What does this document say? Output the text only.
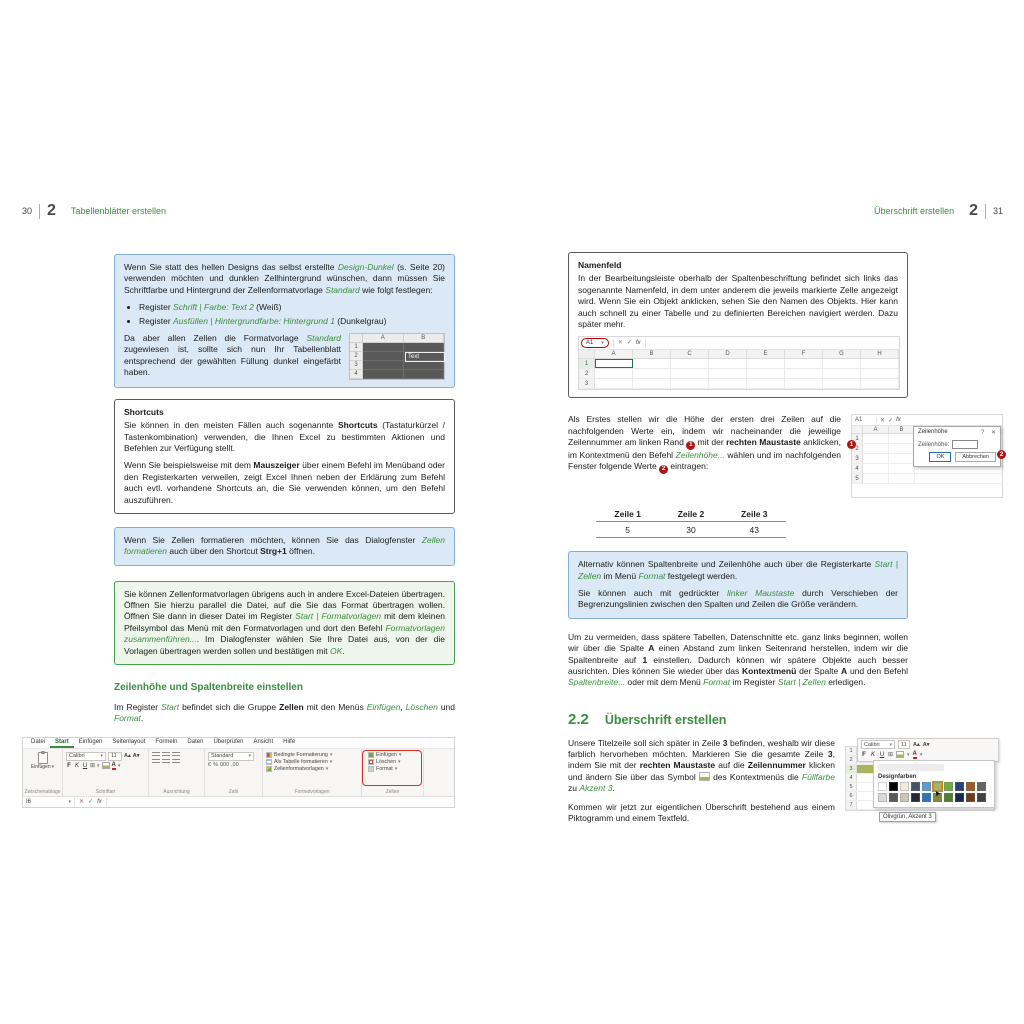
30 2 Tabellenblätter erstellen

Wenn Sie statt des hellen Designs das selbst erstellte Design-Dunkel (s. Seite 20) verwenden möchten und dunklen Zellhintergrund wünschen, dann müssen Sie Schriftfarbe und Hintergrund der Zellenformatvorlage Standard wie folgt festlegen:

• Register Schrift | Farbe: Text 2 (Weiß)
• Register Ausfüllen | Hintergrundfarbe: Hintergrund 1 (Dunkelgrau)

Da aber allen Zellen die Formatvorlage Standard zugewiesen ist, sollte sich nun Ihr Tabellenblatt entsprechend der gewählten Füllung dunkel eingefärbt haben.

A	B
1
2
3
4
Text
Shortcuts

Sie können in den meisten Fällen auch sogenannte Shortcuts (Tastaturkürzel / Tastenkombination) verwenden, die Ihnen Excel zu bestimmten Aktionen und Befehlen zur Verfügung stellt.

Wenn Sie beispielsweise mit dem Mauszeiger über einem Befehl im Menüband oder den Registerkarten verweilen, zeigt Excel Ihnen neben der Erklärung zum Befehl auch evtl. vorhandene Shortcuts an, die Sie verwenden können, um den Befehl auszuführen.

Wenn Sie Zellen formatieren möchten, können Sie das Dialogfenster Zellen formatieren auch über den Shortcut Strg+1 öffnen.

Sie können Zellenformatvorlagen übrigens auch in andere Excel-Dateien übertragen. Öffnen Sie hierzu parallel die Datei, auf die Sie das Format übertragen wollen. Öffnen Sie dann in dieser Datei im Register Start | Formatvorlagen mit dem kleinen Pfeilsymbol das Menü mit den Formatvorlagen und dort den Befehl Formatvorlagen zusammenführen.... Im Dialogfenster wählen Sie Ihre Datei aus, von der die Vorlagen übertragen werden sollen und bestätigen mit OK.

Zeilenhöhe und Spaltenbreite einstellen

Im Register Start befindet sich die Gruppe Zellen mit den Menüs Einfügen, Löschen und Format.

Datei	Start	Einfügen	Seitenlayout	Formeln	Daten	Überprüfen	Ansicht	Hilfe
Einfügen ▾
Zwischenablage
Calibri	▾	11	A▴ A▾
F K U ⊞ ▾ A ▾
Schriftart	Ausrichtung
Standard	▾
€ % 000 ,00
Zahl
Bedingte Formatierung ▾
Als Tabelle formatieren ▾
Zellenformatvorlagen ▾
Formatvorlagen
Einfügen ▾
Löschen ▾
Format ▾
Zellen
I6	▾ ✕ ✓ fx
Überschrift erstellen 2 31
Namenfeld

In der Bearbeitungsleiste oberhalb der Spaltenbeschriftung befindet sich links das sogenannte Namenfeld, in dem unter anderem die jeweils markierte Zelle angezeigt wird. Wenn Sie ein Objekt anklicken, sehen Sie den Namen des Objekts. Hier kann auch schnell zu einer Tabelle und zu definierten Bereichen navigiert werden. Dazu später mehr.

A1 ▾ ✕ ✓ fx
A	B	C	D	E	F	G	H
1
2
3

Als Erstes stellen wir die Höhe der ersten drei Zeilen auf die nachfolgenden Werte ein, indem wir nacheinander die jeweilige Zeilennummer am linken Rand 1 mit der rechten Maustaste anklicken, im Kontextmenü den Befehl Zeilenhöhe... wählen und im nachfolgenden Fenster folgende Werte 2 eintragen:

A1	✕ ✓ fx
A	B
1
2
3
4
5
1
Zeilenhöhe	? ✕
Zeilenhöhe:
OK	Abbrechen	2
Zeile 1	Zeile 2	Zeile 3
5	30	43

Alternativ können Spaltenbreite und Zeilenhöhe auch über die Registerkarte Start | Zellen im Menü Format festgelegt werden.

Sie können auch mit gedrückter linker Maustaste durch Verschieben der Begrenzungslinien zwischen den Spalten und Zeilen die Größe verändern.

Um zu vermeiden, dass spätere Tabellen, Datenschnitte etc. ganz links beginnen, wollen wir über die Spalte A einen Abstand zum linken Seitenrand herstellen, indem wir die Spaltenbreite auf 1 einstellen. Dadurch können wir spätere Objekte auch besser ausrichten. Dies können Sie wieder über das Kontextmenü der Spalte A und den Befehl Spaltenbreite... oder mit dem Menü Format im Register Start | Zellen erledigen.

2.2 Überschrift erstellen

Unsere Titelzeile soll sich später in Zeile 3 befinden, weshalb wir diese farblich hervorheben möchten. Markieren Sie die gesamte Zeile 3, indem Sie mit der rechten Maustaste auf die Zeilennummer klicken und ändern Sie über das Symbol  des Kontextmenüs die Füllfarbe zu Akzent 3.

Kommen wir jetzt zur eigentlichen Überschrift bestehend aus einem Piktogramm und einem Textfeld.

1
2
3
4
5
6
7
Calibri ▾	11	A▴ A▾
F K U ⊞	▾ A ▾
Designfarben
➤
Olivgrün, Akzent 3
